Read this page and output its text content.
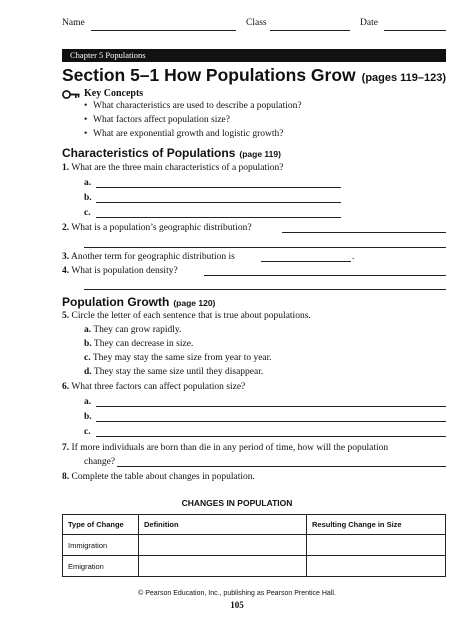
Name	Class	Date
Chapter 5 Populations
Section 5–1 How Populations Grow (pages 119–123)
Key Concepts
• What characteristics are used to describe a population?
• What factors affect population size?
• What are exponential growth and logistic growth?
Characteristics of Populations (page 119)
1. What are the three main characteristics of a population?
a.
b.
c.
2. What is a population’s geographic distribution?
3. Another term for geographic distribution is	.
4. What is population density?
Population Growth (page 120)
5. Circle the letter of each sentence that is true about populations.
a. They can grow rapidly.
b. They can decrease in size.
c. They may stay the same size from year to year.
d. They stay the same size until they disappear.
6. What three factors can affect population size?
a.
b.
c.
7. If more individuals are born than die in any period of time, how will the population
change?
8. Complete the table about changes in population.
CHANGES IN POPULATION
Type of Change	Definition	Resulting Change in Size
Immigration		
Emigration		
© Pearson Education, Inc., publishing as Pearson Prentice Hall.
105
